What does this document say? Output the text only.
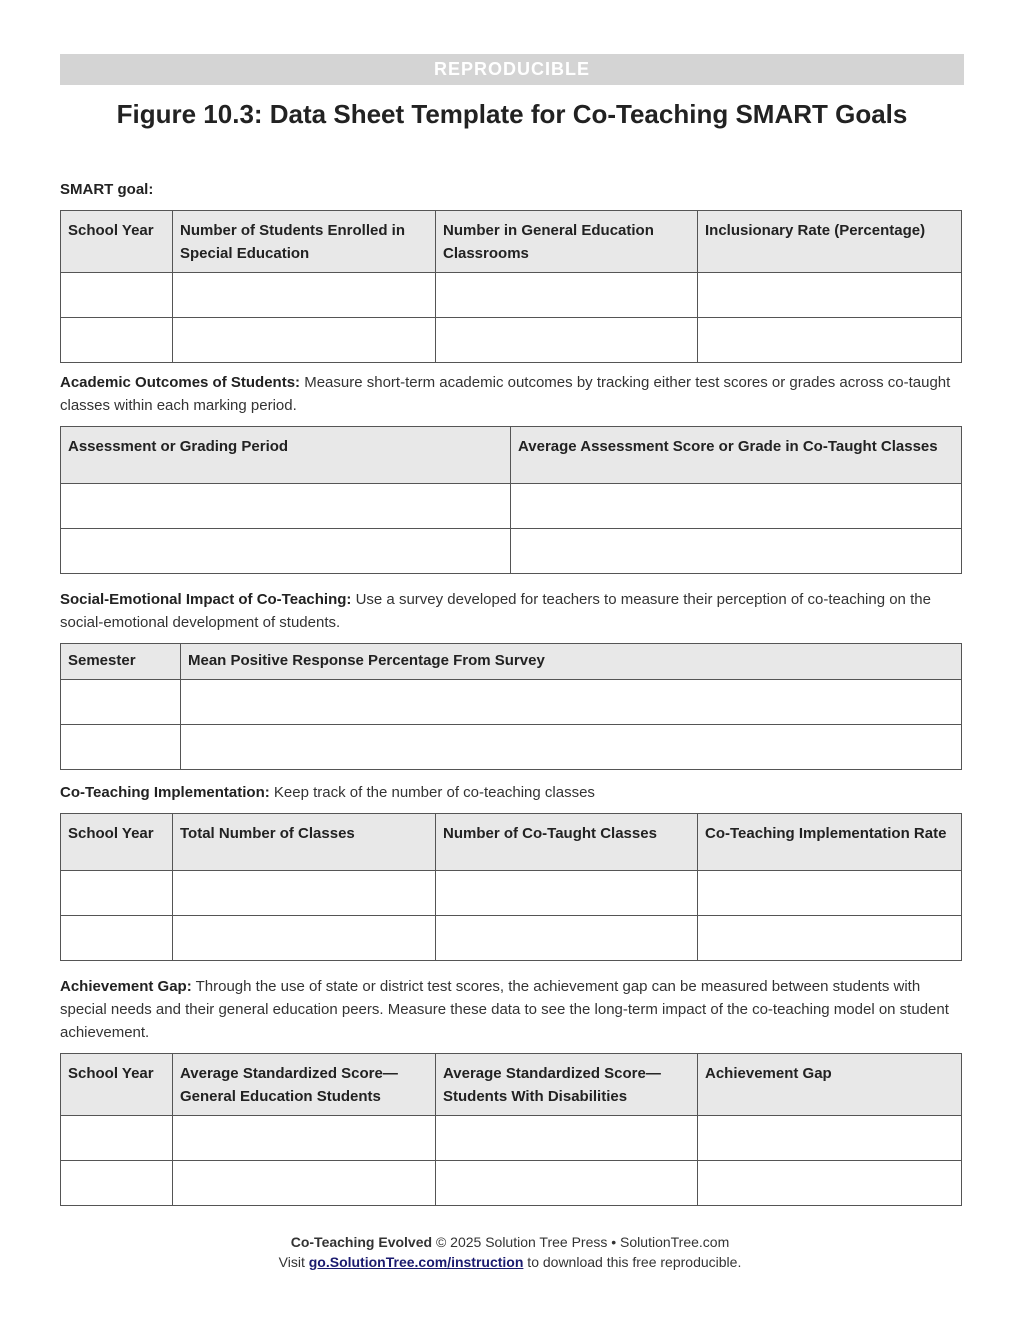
REPRODUCIBLE
Figure 10.3: Data Sheet Template for Co-Teaching SMART Goals
SMART goal:
School Year	Number of Students Enrolled in Special Education	Number in General Education Classrooms	Inclusionary Rate (Percentage)

Academic Outcomes of Students: Measure short-term academic outcomes by tracking either test scores or grades across co-taught classes within each marking period.
Assessment or Grading Period	Average Assessment Score or Grade in Co-Taught Classes

Social-Emotional Impact of Co-Teaching: Use a survey developed for teachers to measure their perception of co-teaching on the social-emotional development of students.
Semester	Mean Positive Response Percentage From Survey

Co-Teaching Implementation: Keep track of the number of co-teaching classes
School Year	Total Number of Classes	Number of Co-Taught Classes	Co-Teaching Implementation Rate

Achievement Gap: Through the use of state or district test scores, the achievement gap can be measured between students with special needs and their general education peers. Measure these data to see the long-term impact of the co-teaching model on student achievement.
School Year	Average Standardized Score—General Education Students	Average Standardized Score—Students With Disabilities	Achievement Gap

Co-Teaching Evolved © 2025 Solution Tree Press • SolutionTree.com
Visit go.SolutionTree.com/instruction to download this free reproducible.
